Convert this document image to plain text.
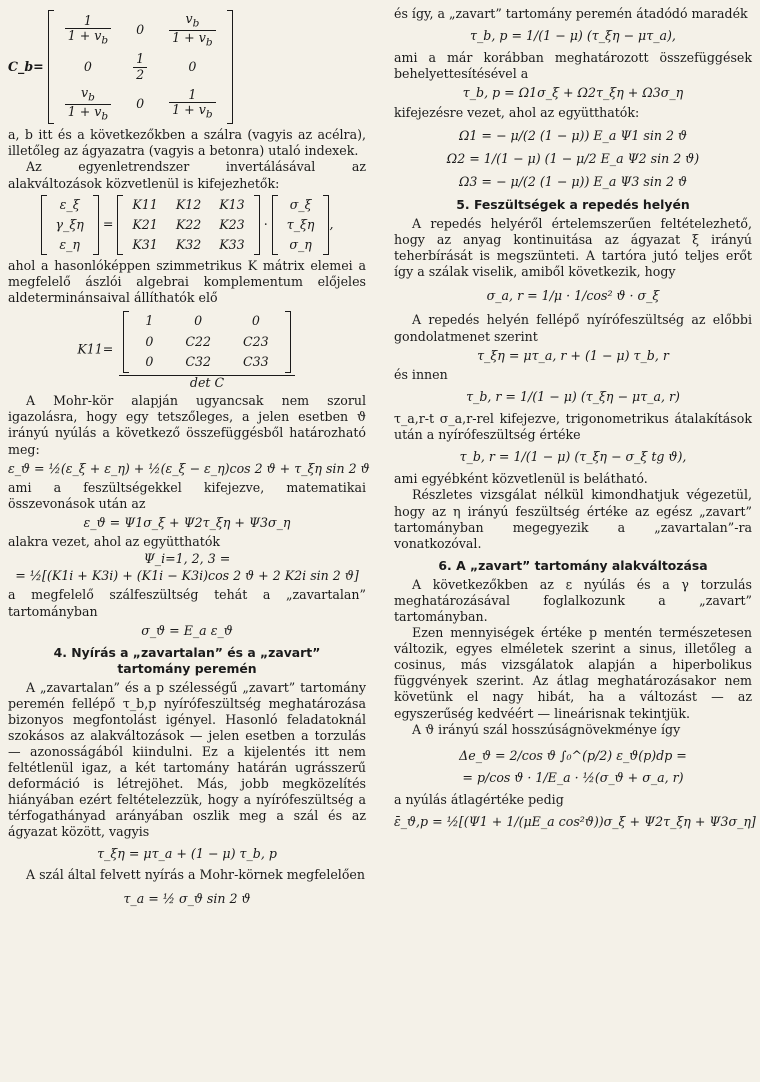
C_b=
$\frac{1}{1 + v_b}$	0	$\frac{v_b}{1 + v_b}$

0	$\frac{1}{2}$	0

$\frac{v_b}{1 + v_b}$	0	$\frac{1}{1 + v_b}$

a, b itt és a következőkben a szálra (vagyis az acélra), illetőleg az ágyazatra (vagyis a betonra) utaló indexek.

Az egyenletrendszer invertálásával az alakváltozások közvetlenül is kifejezhetők:

ε_ξ
γ_ξη
ε_η
=
K11	K12	K13
K21	K22	K23
K31	K32	K33
·
σ_ξ
τ_ξη
σ_η
,

ahol a hasonlóképpen szimmetrikus K mátrix elemei a megfelelő ászlói algebrai komplementum előjeles aldeterminánsaival állíthatók elő

K11= 1	0	0
0	C22	C23
0	C32	C33
det C

A Mohr-kör alapján ugyancsak nem szorul igazolásra, hogy egy tetszőleges, a jelen esetben ϑ irányú nyúlás a következő összefüggésből határozható meg:

ε_ϑ = ½(ε_ξ + ε_η) + ½(ε_ξ − ε_η)cos 2 ϑ + τ_ξη sin 2 ϑ

ami a feszültségekkel kifejezve, matematikai összevonások után az

ε_ϑ = Ψ1σ_ξ + Ψ2τ_ξη + Ψ3σ_η

alakra vezet, ahol az együtthatók

Ψ_i=1, 2, 3 =
= ½[(K1i + K3i) + (K1i − K3i)cos 2 ϑ + 2 K2i sin 2 ϑ]

a megfelelő szálfeszültség tehát a „zavartalan” tartományban

σ_ϑ = E_a ε_ϑ
4. Nyírás a „zavartalan” és a „zavart”
tartomány peremén

A „zavartalan” és a p szélességű „zavart” tartomány peremén fellépő τ_b,p nyírófeszültség meghatározása bizonyos megfontolást igényel. Hasonló feladatoknál szokásos az alakváltozások — jelen esetben a torzulás — azonosságából kiindulni. Ez a kijelentés itt nem feltétlenül igaz, a két tartomány határán ugrásszerű deformáció is létrejöhet. Más, jobb megközelítés hiányában ezért feltételezzük, hogy a nyírófeszültség a térfogathányad arányában oszlik meg a szál és az ágyazat között, vagyis

τ_ξη = μτ_a + (1 − μ) τ_b, p

A szál által felvett nyírás a Mohr-körnek megfelelően

τ_a = ½ σ_ϑ sin 2 ϑ

és így, a „zavart” tartomány peremén átadódó maradék

τ_b, p = 1/(1 − μ) (τ_ξη − μτ_a),

ami a már korábban meghatározott összefüggések behelyettesítésével a

τ_b, p = Ω1σ_ξ + Ω2τ_ξη + Ω3σ_η

kifejezésre vezet, ahol az együtthatók:

Ω1 = − μ/(2 (1 − μ)) E_a Ψ1 sin 2 ϑ
Ω2 = 1/(1 − μ) (1 − μ/2 E_a Ψ2 sin 2 ϑ)
Ω3 = − μ/(2 (1 − μ)) E_a Ψ3 sin 2 ϑ
5. Feszültségek a repedés helyén

A repedés helyéről értelemszerűen feltételezhető, hogy az anyag kontinuitása az ágyazat ξ irányú teherbírását is megszünteti. A tartóra jutó teljes erőt így a szálak viselik, amiből következik, hogy

σ_a, r = 1/μ · 1/cos² ϑ · σ_ξ

A repedés helyén fellépő nyírófeszültség az előbbi gondolatmenet szerint

τ_ξη = μτ_a, r + (1 − μ) τ_b, r

és innen

τ_b, r = 1/(1 − μ) (τ_ξη − μτ_a, r)

τ_a,r-t σ_a,r-rel kifejezve, trigonometrikus átalakítások után a nyírófeszültség értéke

τ_b, r = 1/(1 − μ) (τ_ξη − σ_ξ tg ϑ),

ami egyébként közvetlenül is belátható.

Részletes vizsgálat nélkül kimondhatjuk végezetül, hogy az η irányú feszültség értéke az egész „zavart” tartományban megegyezik a „zavartalan”-ra vonatkozóval.

6. A „zavart” tartomány alakváltozása

A következőkben az ε nyúlás és a γ torzulás meghatározásával foglalkozunk a „zavart” tartományban.

Ezen mennyiségek értéke p mentén természetesen változik, egyes elméletek szerint a sinus, illetőleg a cosinus, más vizsgálatok alapján a hiperbolikus függvények szerint. Az átlag meghatározásakor nem követünk el nagy hibát, ha a változást — az egyszerűség kedvéért — lineárisnak tekintjük.

A ϑ irányú szál hosszúságnövekménye így

Δe_ϑ = 2/cos ϑ ∫₀^(p/2) ε_ϑ(p)dp =
= p/cos ϑ · 1/E_a · ½(σ_ϑ + σ_a, r)

a nyúlás átlagértéke pedig

ε̄_ϑ,p = ½[(Ψ1 + 1/(μE_a cos²ϑ))σ_ξ + Ψ2τ_ξη + Ψ3σ_η]
